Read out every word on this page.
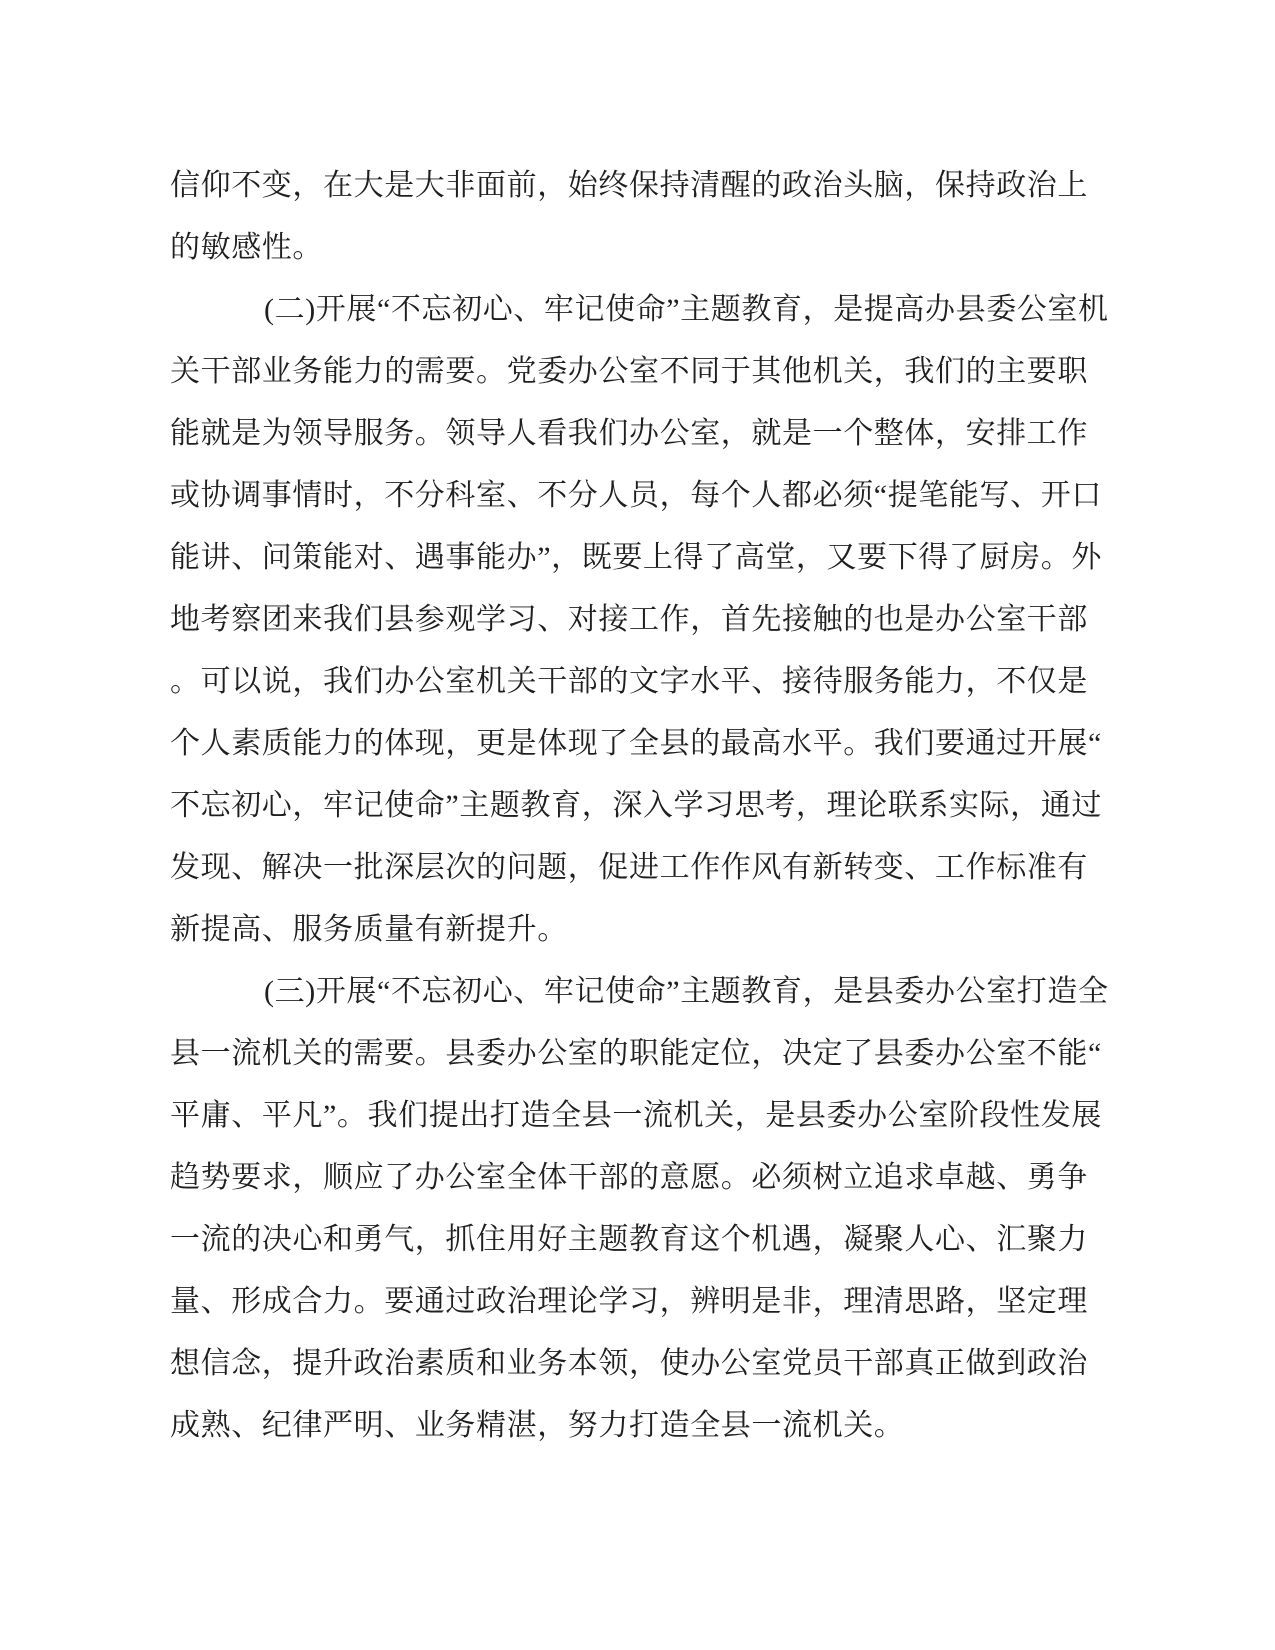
信仰不变，在大是大非面前，始终保持清醒的政治头脑，保持政治上
的敏感性。
(二)开展“不忘初心、牢记使命”主题教育，是提高办县委公室机
关干部业务能力的需要。党委办公室不同于其他机关，我们的主要职
能就是为领导服务。领导人看我们办公室，就是一个整体，安排工作
或协调事情时，不分科室、不分人员，每个人都必须“提笔能写、开口
能讲、问策能对、遇事能办”，既要上得了高堂，又要下得了厨房。外
地考察团来我们县参观学习、对接工作，首先接触的也是办公室干部
。可以说，我们办公室机关干部的文字水平、接待服务能力，不仅是
个人素质能力的体现，更是体现了全县的最高水平。我们要通过开展“
不忘初心，牢记使命”主题教育，深入学习思考，理论联系实际，通过
发现、解决一批深层次的问题，促进工作作风有新转变、工作标准有
新提高、服务质量有新提升。
(三)开展“不忘初心、牢记使命”主题教育，是县委办公室打造全
县一流机关的需要。县委办公室的职能定位，决定了县委办公室不能“
平庸、平凡”。我们提出打造全县一流机关，是县委办公室阶段性发展
趋势要求，顺应了办公室全体干部的意愿。必须树立追求卓越、勇争
一流的决心和勇气，抓住用好主题教育这个机遇，凝聚人心、汇聚力
量、形成合力。要通过政治理论学习，辨明是非，理清思路，坚定理
想信念，提升政治素质和业务本领，使办公室党员干部真正做到政治
成熟、纪律严明、业务精湛，努力打造全县一流机关。
